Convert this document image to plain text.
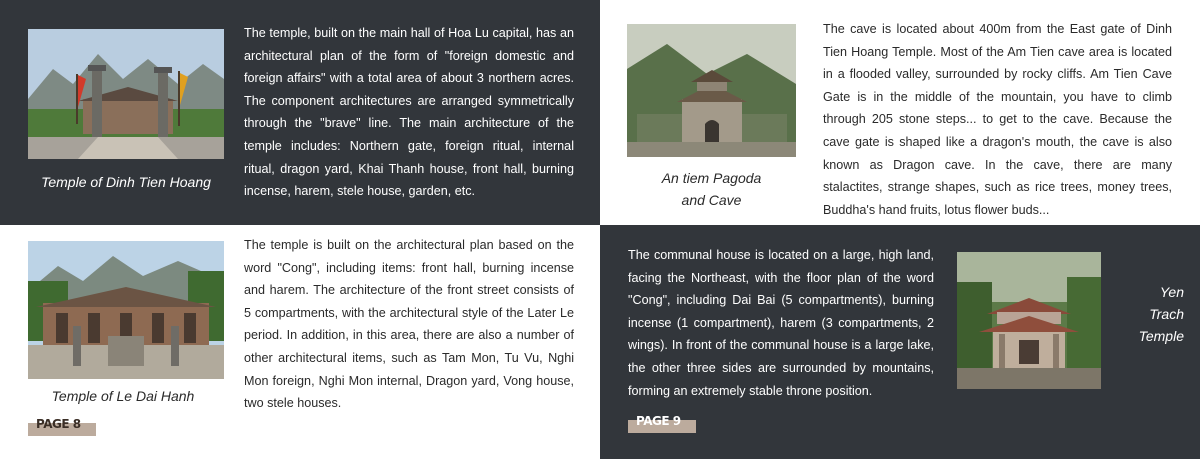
Temple of Dinh Tien Hoang

The temple, built on the main hall of Hoa Lu capital, has an architectural plan of the form of "foreign domestic and foreign affairs" with a total area of about 3 northern acres. The component architectures are arranged symmetrically through the "brave" line. The main architecture of the temple includes: Northern gate, foreign ritual, internal ritual, dragon yard, Khai Thanh house, front hall, burning incense, harem, stele house, garden, etc.

An tiem Pagoda

and Cave

The cave is located about 400m from the East gate of Dinh Tien Hoang Temple. Most of the Am Tien cave area is located in a flooded valley, surrounded by rocky cliffs. Am Tien Cave Gate is in the middle of the mountain, you have to climb through 205 stone steps... to get to the cave. Because the cave gate is shaped like a dragon's mouth, the cave is also known as Dragon cave. In the cave, there are many stalactites, strange shapes, such as rice trees, money trees, Buddha's hand fruits, lotus flower buds...

Temple of Le Dai Hanh

The temple is built on the architectural plan based on the word "Cong", including items: front hall, burning incense and harem. The architecture of the front street consists of 5 compartments, with the architectural style of the Later Le period. In addition, in this area, there are also a number of other architectural items, such as Tam Mon, Tu Vu, Nghi Mon foreign, Nghi Mon internal, Dragon yard, Vong house, two stele houses.

PAGE 8

The communal house is located on a large, high land, facing the Northeast, with the floor plan of the word "Cong", including Dai Bai (5 compartments), burning incense (1 compartment), harem (3 compartments, 2 wings). In front of the communal house is a large lake, the other three sides are surrounded by mountains, forming an extremely stable throne position.

Yen

Trach

Temple

PAGE 9
